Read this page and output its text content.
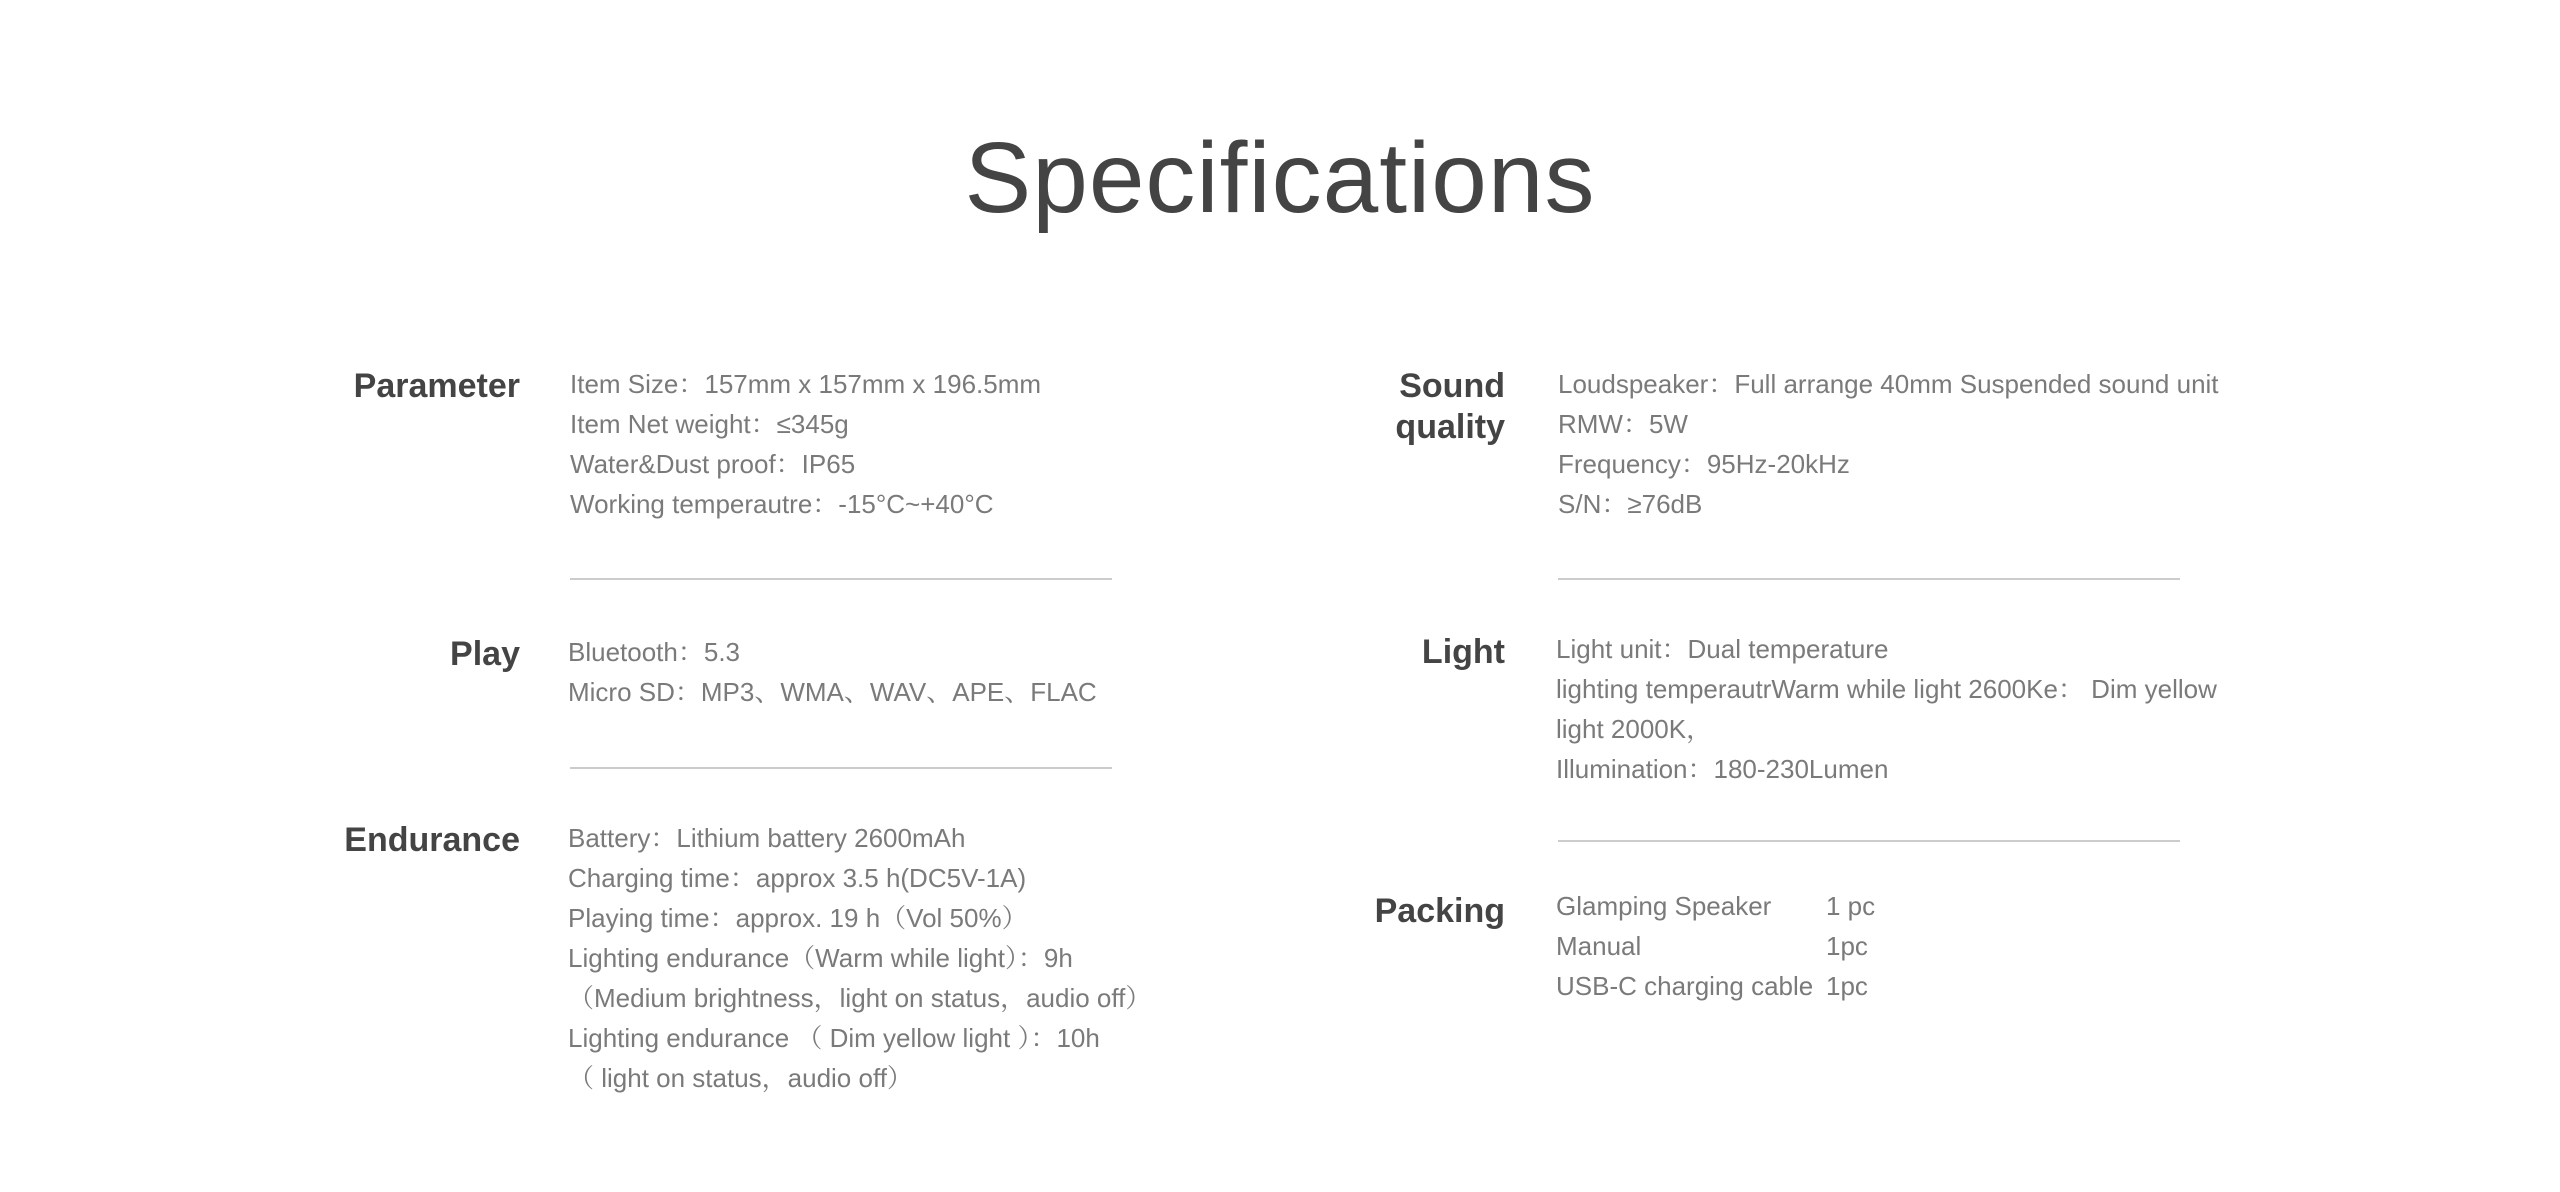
Specifications
Parameter Item Size：157mm x 157mm x 196.5mm
Item Net weight：≤345g
Water&Dust proof：IP65
Working temperautre：-15°C~+40°C
Play Bluetooth：5.3
Micro SD：MP3、WMA、WAV、APE、FLAC
Endurance Battery：Lithium battery 2600mAh
Charging time：approx 3.5 h(DC5V-1A)
Playing time：approx. 19 h（Vol 50%）
Lighting endurance（Warm while light）：9h
（Medium brightness，light on status，audio off）
Lighting endurance （ Dim yellow light ）：10h
（ light on status，audio off）
Sound
quality
Loudspeaker：Full arrange 40mm Suspended sound unit
RMW：5W
Frequency：95Hz-20kHz
S/N：≥76dB
Light Light unit：Dual temperature
lighting temperautrWarm while light 2600Ke： Dim yellow
light 2000K，
Illumination：180-230Lumen
Packing Glamping Speaker 1 pc
Manual	1pc
USB-C charging cable 1pc
